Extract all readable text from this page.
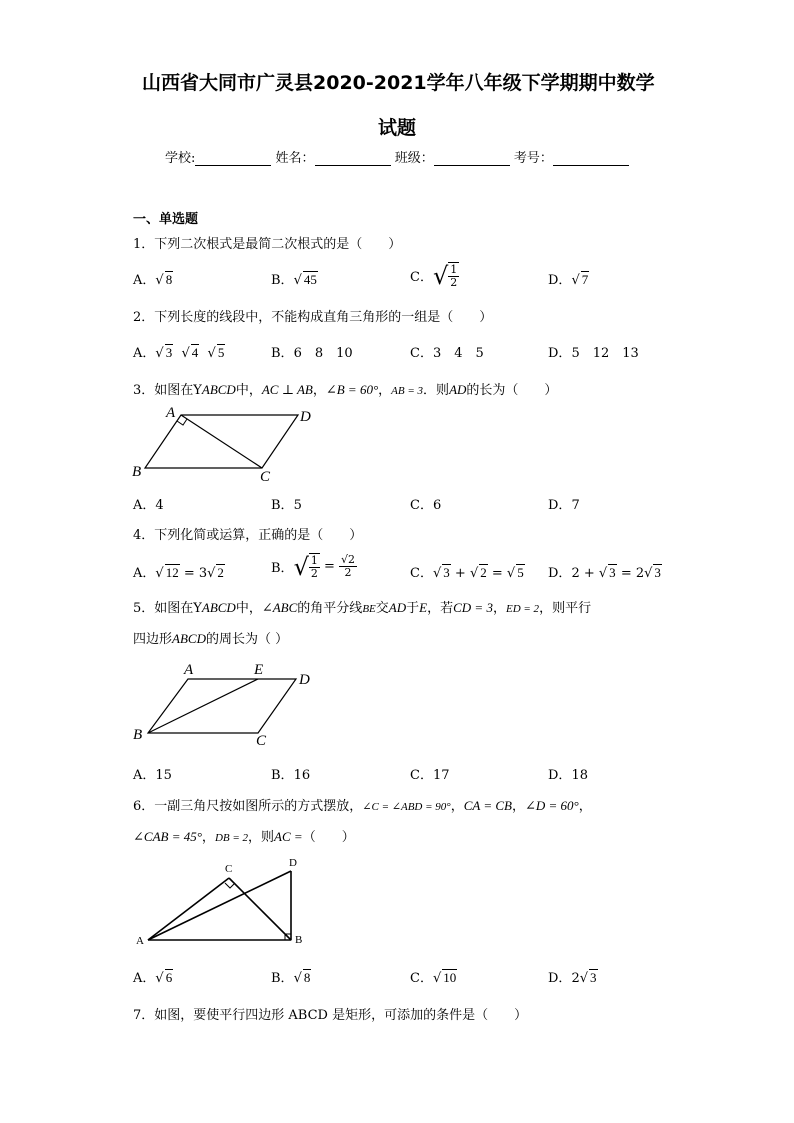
山西省大同市广灵县2020-2021学年八年级下学期期中数学
试题
学校:	姓名：	班级：	考号：
一、单选题
1．下列二次根式是最简二次根式的是（　　）
A．√ 8	B．√ 45	C． √ $\frac{1}{2}$	D．√ 7
2．下列长度的线段中，不能构成直角三角形的一组是（　　）
A．√ 3 √ 4 √ 5	B．6　8　10	C．3　4　5	D．5　12　13
3．如图在YABCD中，AC ⊥ AB，∠B = 60°，AB = 3．则AD的长为（　　）
A	D
B	C
A．4	B．5	C．6	D．7
4．下列化简或运算，正确的是（　　）
A．√ 12 = 3√ 2	B． √ $\frac{1}{2} = \frac{√2}{2}$	C．√ 3 + √ 2 = √ 5 D．2 + √ 3 = 2√ 3
5．如图在YABCD中，∠ABC的角平分线BE交AD于E，若CD = 3，ED = 2，则平行
四边形ABCD的周长为（ ）
A	E
D
B	C
A．15	B．16	C．17	D．18
6．一副三角尺按如图所示的方式摆放，∠C = ∠ABD = 90°，CA = CB，∠D = 60°，
∠CAB = 45°，DB = 2，则AC =（　　）
C	D
A	B
A．√ 6	B．√ 8	C．√ 10	D．2√ 3
7．如图，要使平行四边形 ABCD 是矩形，可添加的条件是（　　）
